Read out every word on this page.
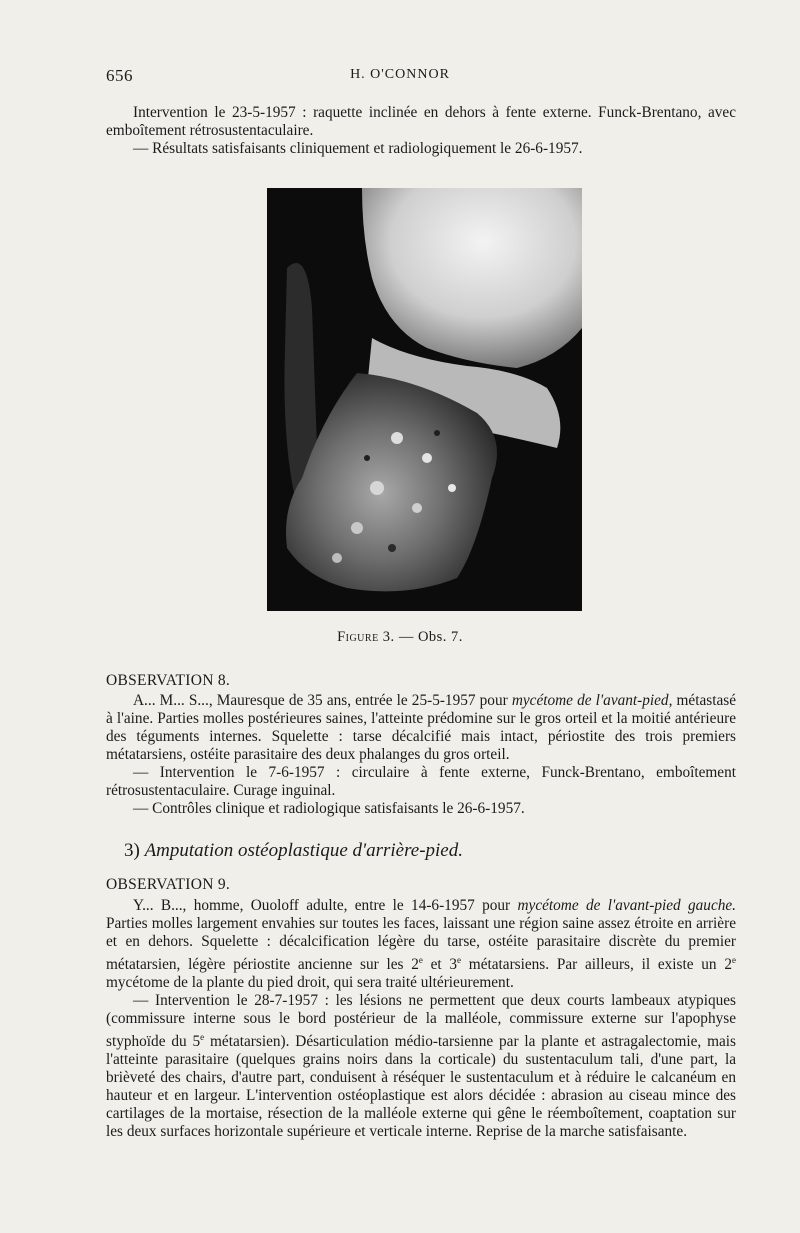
656	H. O'CONNOR

Intervention le 23-5-1957 : raquette inclinée en dehors à fente externe. Funck-Brentano, avec emboîtement rétrosustentaculaire.

— Résultats satisfaisants cliniquement et radiologiquement le 26-6-1957.

Figure 3. — Obs. 7.
OBSERVATION 8.

A... M... S..., Mauresque de 35 ans, entrée le 25-5-1957 pour mycétome de l'avant-pied, métastasé à l'aine. Parties molles postérieures saines, l'atteinte prédomine sur le gros orteil et la moitié antérieure des téguments internes. Squelette : tarse décalcifié mais intact, périostite des trois premiers métatarsiens, ostéite parasitaire des deux phalanges du gros orteil.

— Intervention le 7-6-1957 : circulaire à fente externe, Funck-Brentano, emboîtement rétrosustentaculaire. Curage inguinal.

— Contrôles clinique et radiologique satisfaisants le 26-6-1957.

3) Amputation ostéoplastique d'arrière-pied.
OBSERVATION 9.

Y... B..., homme, Ouoloff adulte, entre le 14-6-1957 pour mycétome de l'avant-pied gauche. Parties molles largement envahies sur toutes les faces, laissant une région saine assez étroite en arrière et en dehors. Squelette : décalcification légère du tarse, ostéite parasitaire discrète du premier métatarsien, légère périostite ancienne sur les 2e et 3e métatarsiens. Par ailleurs, il existe un 2e mycétome de la plante du pied droit, qui sera traité ultérieurement.

— Intervention le 28-7-1957 : les lésions ne permettent que deux courts lambeaux atypiques (commissure interne sous le bord postérieur de la malléole, commissure externe sur l'apophyse styphoïde du 5e métatarsien). Désarticulation médio-tarsienne par la plante et astragalectomie, mais l'atteinte parasitaire (quelques grains noirs dans la corticale) du sustentaculum tali, d'une part, la brièveté des chairs, d'autre part, conduisent à réséquer le sustentaculum et à réduire le calcanéum en hauteur et en largeur. L'intervention ostéoplastique est alors décidée : abrasion au ciseau mince des cartilages de la mortaise, résection de la malléole externe qui gêne le réemboîtement, coaptation sur les deux surfaces horizontale supérieure et verticale interne. Reprise de la marche satisfaisante.
